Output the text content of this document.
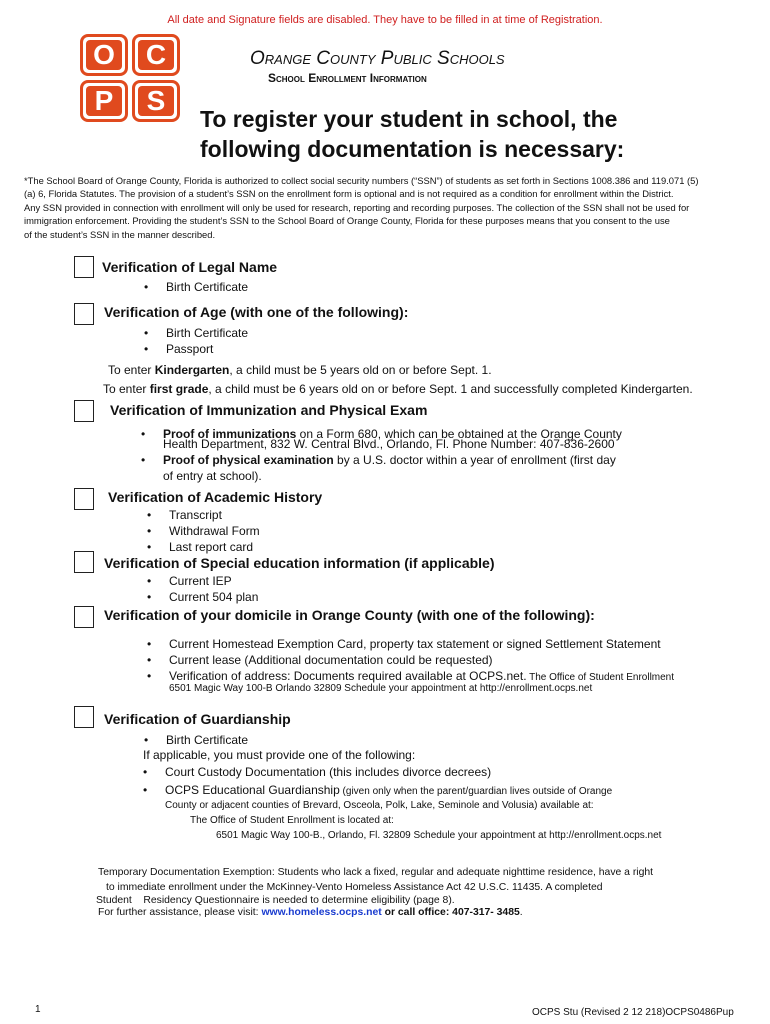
All date and Signature fields are disabled. They have to be filled in at time of Registration.
O C
P	S
Orange County Public Schools
School Enrollment Information
To register your student in school, the
following documentation is necessary:
*The School Board of Orange County, Florida is authorized to collect social security numbers (“SSN”) of students as set forth in Sections 1008.386 and 119.071 (5)
(a) 6, Florida Statutes. The provision of a student’s SSN on the enrollment form is optional and is not required as a condition for enrollment within the District.
Any SSN provided in connection with enrollment will only be used for research, reporting and recording purposes. The collection of the SSN shall not be used for
immigration enforcement. Providing the student’s SSN to the School Board of Orange County, Florida for these purposes means that you consent to the use
of the student’s SSN in the manner described.
Verification of Legal Name
• Birth Certificate
Verification of Age (with one of the following):
• Birth Certificate
• Passport
To enter Kindergarten, a child must be 5 years old on or before Sept. 1.
To enter first grade, a child must be 6 years old on or before Sept. 1 and successfully completed Kindergarten.
Verification of Immunization and Physical Exam
• Proof of immunizations on a Form 680, which can be obtained at the Orange County
Health Department, 832 W. Central Blvd., Orlando, Fl. Phone Number: 407-836-2600
• Proof of physical examination by a U.S. doctor within a year of enrollment (first day
of entry at school).
Verification of Academic History
• Transcript
• Withdrawal Form
• Last report card
Verification of Special education information (if applicable)
• Current IEP
• Current 504 plan
Verification of your domicile in Orange County (with one of the following):
• Current Homestead Exemption Card, property tax statement or signed Settlement Statement
• Current lease (Additional documentation could be requested)
• Verification of address: Documents required available at OCPS.net. The Office of Student Enrollment
6501 Magic Way 100-B Orlando 32809 Schedule your appointment at http://enrollment.ocps.net
Verification of Guardianship
• Birth Certificate
If applicable, you must provide one of the following:
• Court Custody Documentation (this includes divorce decrees)
• OCPS Educational Guardianship (given only when the parent/guardian lives outside of Orange
County or adjacent counties of Brevard, Osceola, Polk, Lake, Seminole and Volusia) available at:
The Office of Student Enrollment is located at:
6501 Magic Way 100-B., Orlando, Fl. 32809 Schedule your appointment at http://enrollment.ocps.net
Temporary Documentation Exemption: Students who lack a fixed, regular and adequate nighttime residence, have a right
to immediate enrollment under the McKinney-Vento Homeless Assistance Act 42 U.S.C. 11435. A completed
Student    Residency Questionnaire is needed to determine eligibility (page 8).
For further assistance, please visit: www.homeless.ocps.net or call office: 407-317- 3485.
1	OCPS Stu (Revised 2 12 218)OCPS0486Pup
